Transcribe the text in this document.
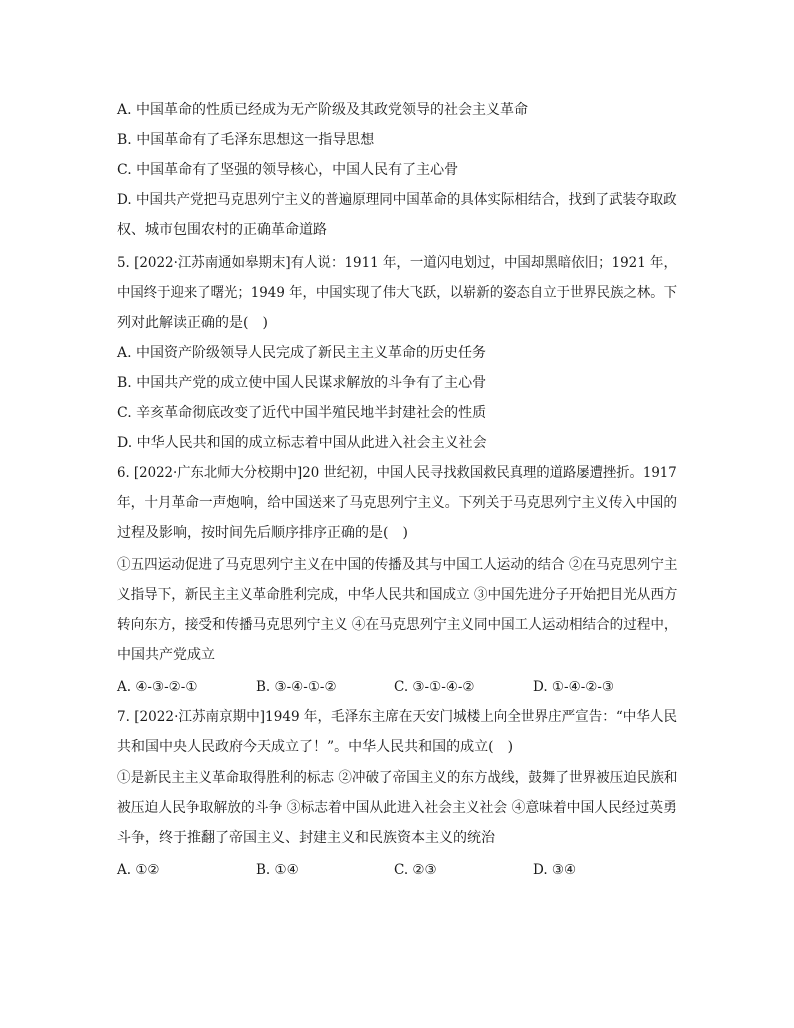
A. 中国革命的性质已经成为无产阶级及其政党领导的社会主义革命
B. 中国革命有了毛泽东思想这一指导思想
C. 中国革命有了坚强的领导核心，中国人民有了主心骨
D. 中国共产党把马克思列宁主义的普遍原理同中国革命的具体实际相结合，找到了武装夺取政
权、城市包围农村的正确革命道路
5. [2022·江苏南通如皋期末]有人说：1911 年，一道闪电划过，中国却黑暗依旧；1921 年，
中国终于迎来了曙光；1949 年，中国实现了伟大飞跃，以崭新的姿态自立于世界民族之林。下
列对此解读正确的是(　)
A. 中国资产阶级领导人民完成了新民主主义革命的历史任务
B. 中国共产党的成立使中国人民谋求解放的斗争有了主心骨
C. 辛亥革命彻底改变了近代中国半殖民地半封建社会的性质
D. 中华人民共和国的成立标志着中国从此进入社会主义社会
6. [2022·广东北师大分校期中]20 世纪初，中国人民寻找救国救民真理的道路屡遭挫折。1917
年，十月革命一声炮响，给中国送来了马克思列宁主义。下列关于马克思列宁主义传入中国的
过程及影响，按时间先后顺序排序正确的是(　)
①五四运动促进了马克思列宁主义在中国的传播及其与中国工人运动的结合 ②在马克思列宁主
义指导下，新民主主义革命胜利完成，中华人民共和国成立 ③中国先进分子开始把目光从西方
转向东方，接受和传播马克思列宁主义 ④在马克思列宁主义同中国工人运动相结合的过程中，
中国共产党成立
A. ④-③-②-①	B. ③-④-①-②	C. ③-①-④-②	D. ①-④-②-③
7. [2022·江苏南京期中]1949 年，毛泽东主席在天安门城楼上向全世界庄严宣告：“中华人民
共和国中央人民政府今天成立了！”。中华人民共和国的成立(　)
①是新民主主义革命取得胜利的标志 ②冲破了帝国主义的东方战线，鼓舞了世界被压迫民族和
被压迫人民争取解放的斗争 ③标志着中国从此进入社会主义社会 ④意味着中国人民经过英勇
斗争，终于推翻了帝国主义、封建主义和民族资本主义的统治
A. ①②	B. ①④	C. ②③	D. ③④
